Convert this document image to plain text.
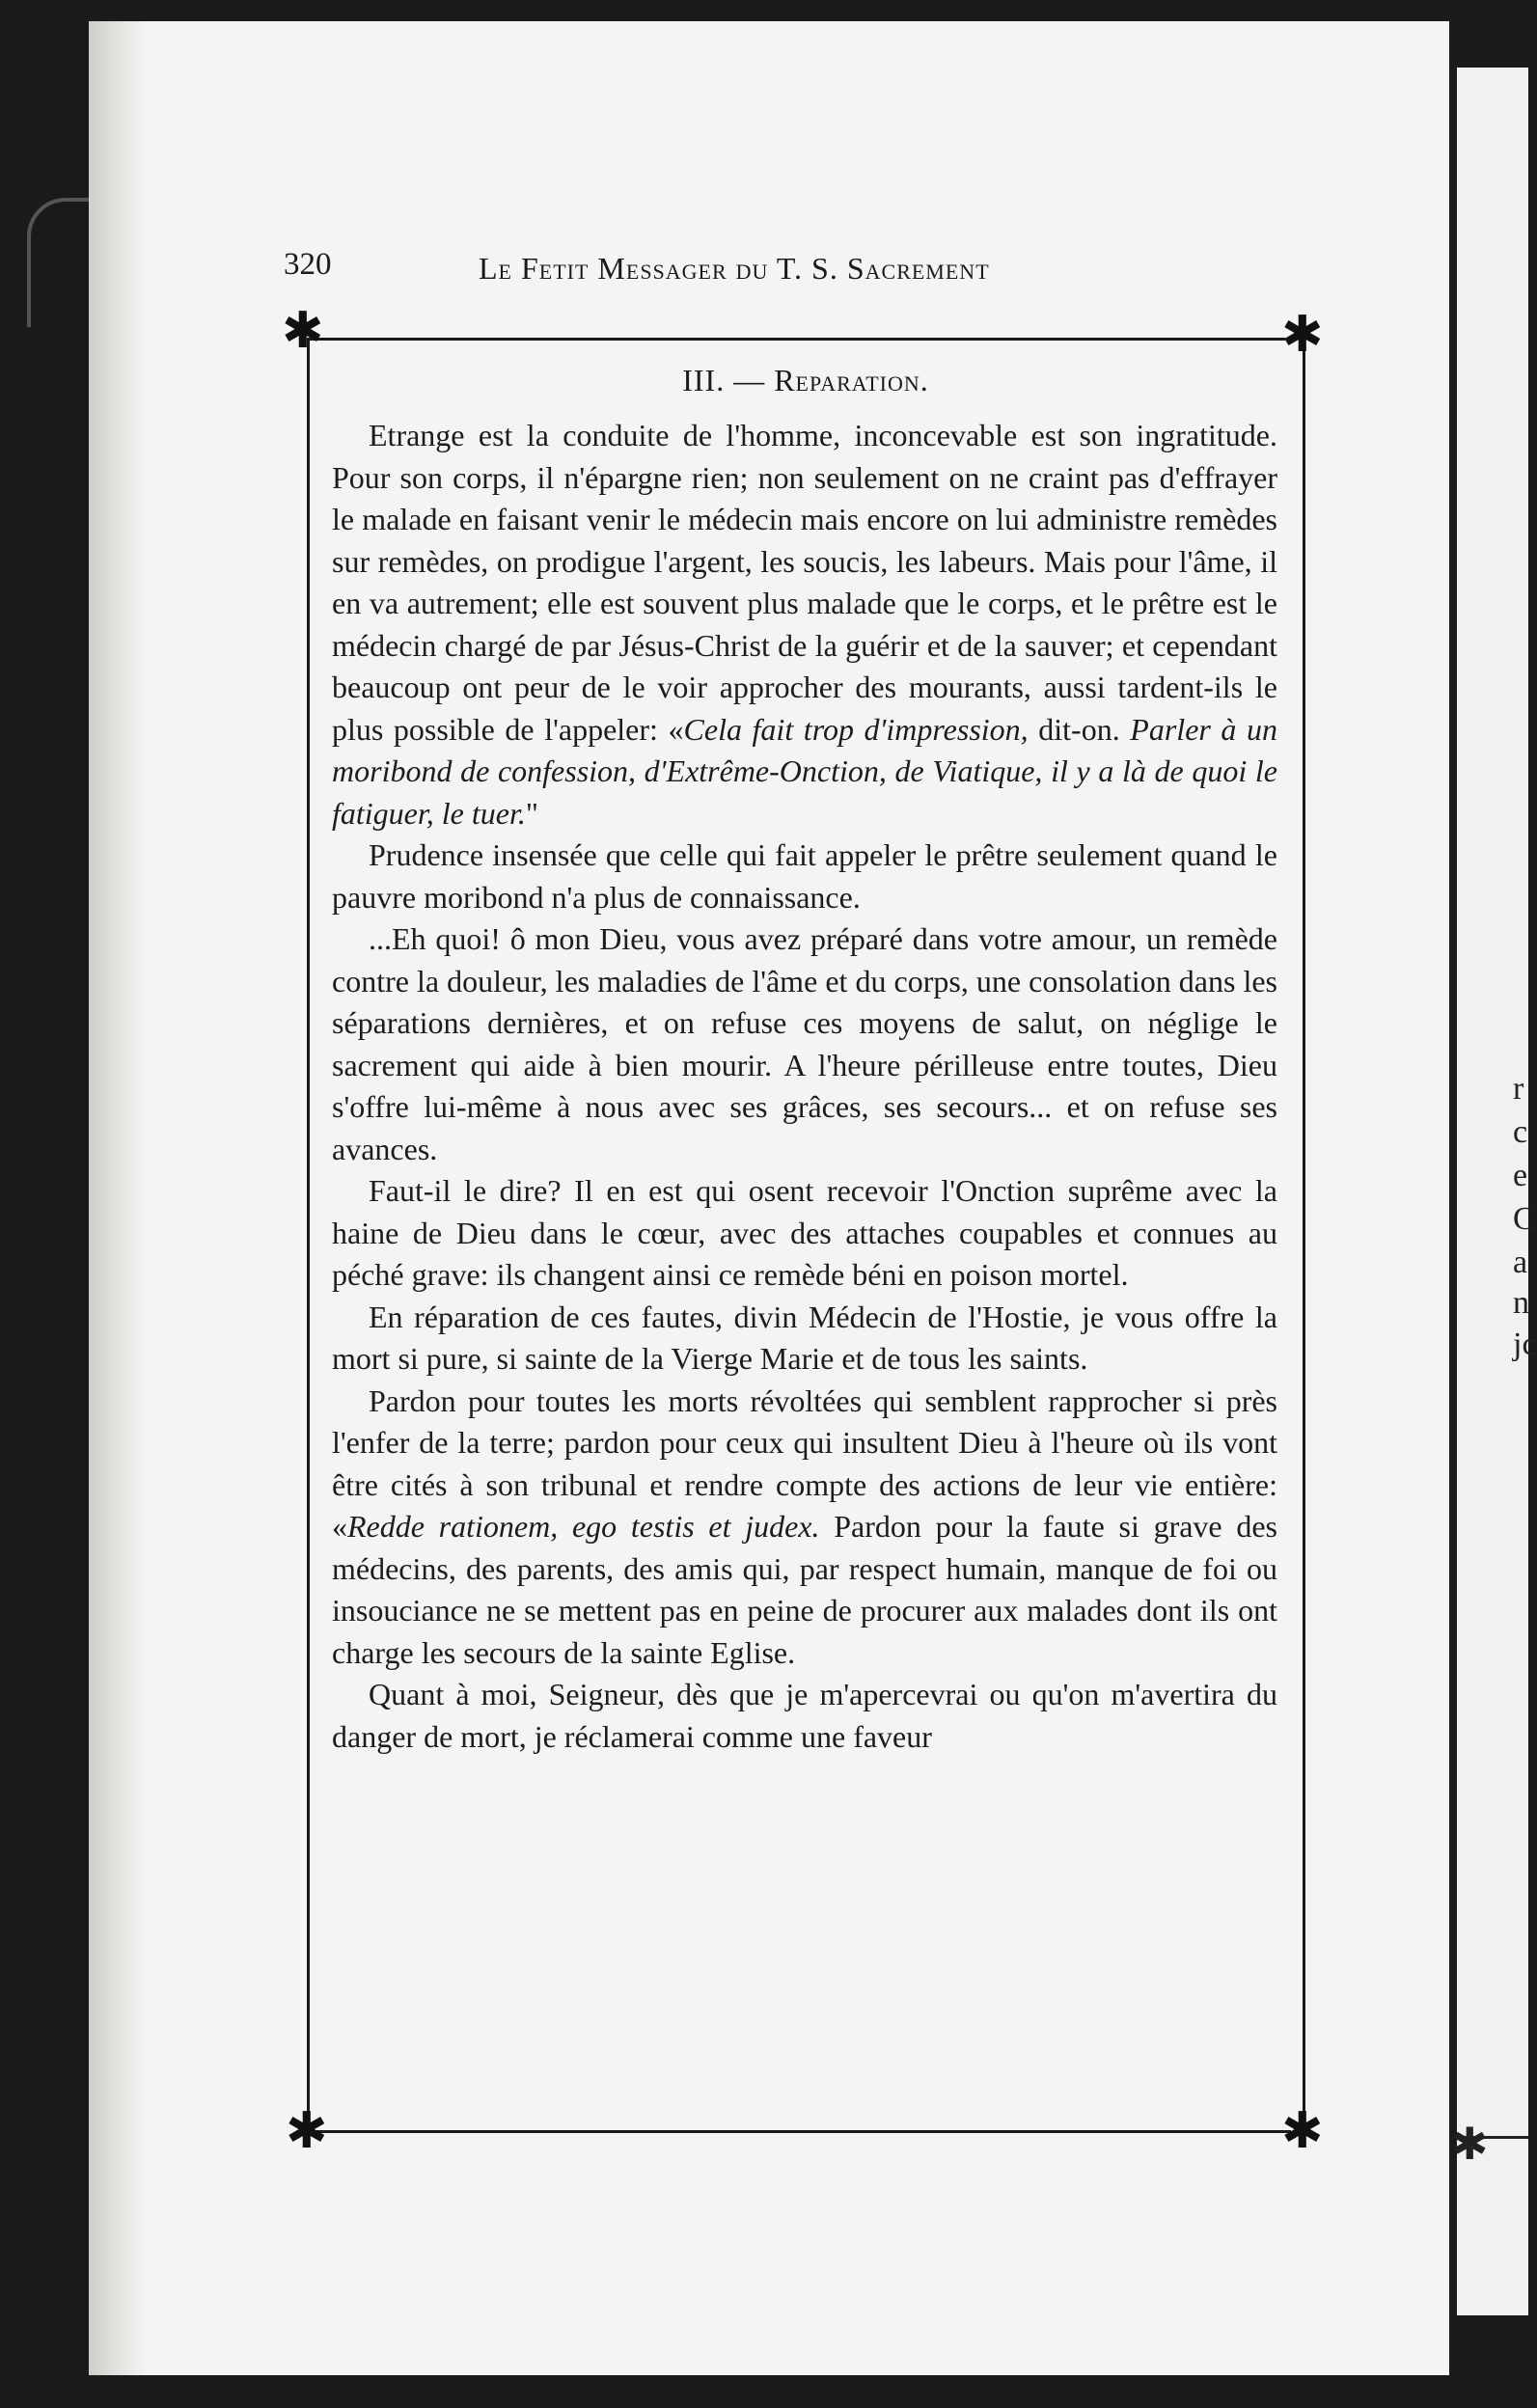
r
c
e
C
a
n
jc
✱
320	Le Fetit Messager du T. S. Sacrement
✱	✱
✱	✱
III. — Reparation.

Etrange est la conduite de l'homme, inconcevable est son ingratitude. Pour son corps, il n'épargne rien; non seulement on ne craint pas d'effrayer le malade en faisant venir le médecin mais encore on lui administre remèdes sur remèdes, on prodigue l'argent, les soucis, les labeurs. Mais pour l'âme, il en va autrement; elle est souvent plus malade que le corps, et le prêtre est le médecin chargé de par Jésus-Christ de la guérir et de la sauver; et cependant beaucoup ont peur de le voir approcher des mourants, aussi tardent-ils le plus possible de l'appeler: «Cela fait trop d'impression, dit-on. Parler à un moribond de confession, d'Extrême-Onction, de Viatique, il y a là de quoi le fatiguer, le tuer."

Prudence insensée que celle qui fait appeler le prêtre seulement quand le pauvre moribond n'a plus de connaissance.

...Eh quoi! ô mon Dieu, vous avez préparé dans votre amour, un remède contre la douleur, les maladies de l'âme et du corps, une consolation dans les séparations dernières, et on refuse ces moyens de salut, on néglige le sacrement qui aide à bien mourir. A l'heure périlleuse entre toutes, Dieu s'offre lui-même à nous avec ses grâces, ses secours... et on refuse ses avances.

Faut-il le dire? Il en est qui osent recevoir l'Onction suprême avec la haine de Dieu dans le cœur, avec des attaches coupables et connues au péché grave: ils changent ainsi ce remède béni en poison mortel.

En réparation de ces fautes, divin Médecin de l'Hostie, je vous offre la mort si pure, si sainte de la Vierge Marie et de tous les saints.

Pardon pour toutes les morts révoltées qui semblent rapprocher si près l'enfer de la terre; pardon pour ceux qui insultent Dieu à l'heure où ils vont être cités à son tribunal et rendre compte des actions de leur vie entière: «Redde rationem, ego testis et judex. Pardon pour la faute si grave des médecins, des parents, des amis qui, par respect humain, manque de foi ou insouciance ne se mettent pas en peine de procurer aux malades dont ils ont charge les secours de la sainte Eglise.

Quant à moi, Seigneur, dès que je m'apercevrai ou qu'on m'avertira du danger de mort, je réclamerai comme une faveur
